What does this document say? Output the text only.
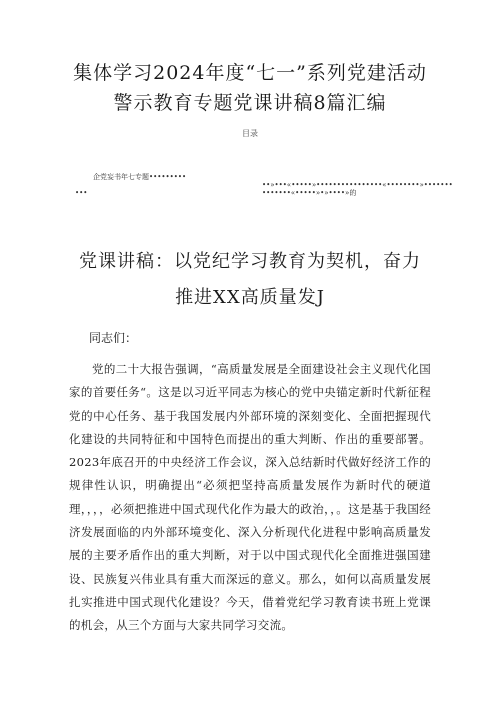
集体学习2024年度“七一”系列党建活动
警示教育专题党课讲稿8篇汇编
目录
企党妄书年七专题•••••••••
••»•••«•••••»••••••••••••••••«••••••••»•••••••
•••	•••••••«•••••»•»••••»的
党课讲稿：以党纪学习教育为契机，奋力
推进XX高质量发J
同志们：

党的二十大报告强调，“高质量发展是全面建设社会主义现代化国家的首要任务“。这是以习近平同志为核心的党中央锚定新时代新征程党的中心任务、基于我国发展内外部环境的深刻变化、全面把握现代化建设的共同特征和中国特色而提出的重大判断、作出的重要部署。2023年底召开的中央经济工作会议，深入总结新时代做好经济工作的规律性认识，明确提出“必须把坚持高质量发展作为新时代的硬道理，，，，必须把推进中国式现代化作为最大的政治，，。这是基于我国经济发展面临的内外部环境变化、深入分析现代化进程中影响高质量发展的主要矛盾作出的重大判断，对于以中国式现代化全面推进强国建设、民族复兴伟业具有重大而深远的意义。那么，如何以高质量发展扎实推进中国式现代化建设？今天，借着党纪学习教育读书班上党课的机会，从三个方面与大家共同学习交流。
